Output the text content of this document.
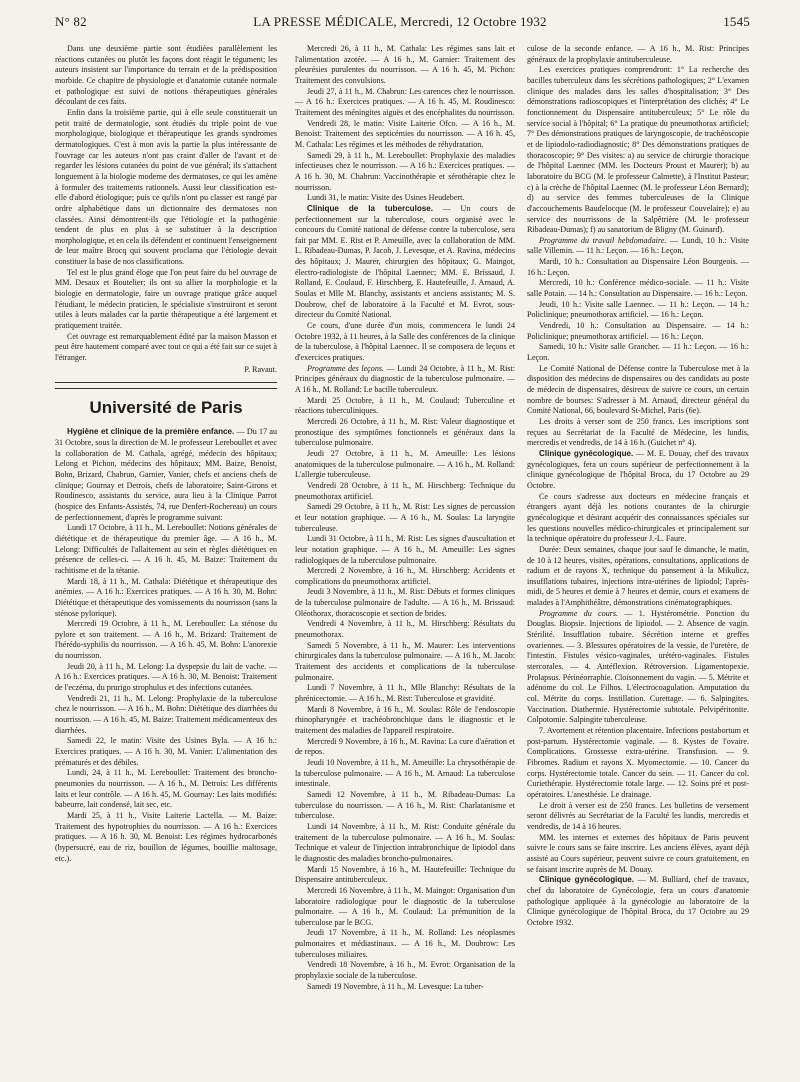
N° 82	LA PRESSE MÉDICALE, Mercredi, 12 Octobre 1932	1545

Dans une deuxième partie sont étudiées parallèlement les réactions cutanées ou plutôt les façons dont réagit le tégument; les auteurs insistent sur l'importance du terrain et de la prédisposition morbide. Ce chapitre de physiologie et d'anatomie cutanée normale et pathologique est suivi de notions thérapeutiques générales découlant de ces faits.

Enfin dans la troisième partie, qui à elle seule constituerait un petit traité de dermatologie, sont étudiés du triple point de vue morphologique, biologique et thérapeutique les grands syndromes dermatologiques. C'est à mon avis la partie la plus intéressante de l'ouvrage car les auteurs n'ont pas craint d'aller de l'avant et de regarder les lésions cutanées du point de vue général; ils s'attachent longuement à la biologie moderne des dermatoses, ce qui les amène à formuler des traitements rationnels. Aussi leur classification est-elle d'abord étiologique; puis ce qu'ils n'ont pu classer est rangé par ordre alphabétique dans un dictionnaire des dermatoses non classées. Ainsi démontrent-ils que l'étiologie et la pathogénie tendent de plus en plus à se substituer à la description morphologique, et en cela ils défendent et continuent l'enseignement de leur maître Brocq qui souvent proclama que l'étiologie devait constituer la base de nos classifications.

Tel est le plus grand éloge que l'on peut faire du bel ouvrage de MM. Desaux et Boutelier; ils ont su allier la morphologie et la biologie en dermatologie, faire un ouvrage pratique grâce auquel l'étudiant, le médecin praticien, le spécialiste s'instruiront et seront utiles à leurs malades car la partie thérapeutique a été largement et pratiquement traitée.

Cet ouvrage est remarquablement édité par la maison Masson et peut être hautement comparé avec tout ce qui a été fait sur ce sujet à l'étranger.

P. Ravaut.

Université de Paris

Hygiène et clinique de la première enfance. — Du 17 au 31 Octobre, sous la direction de M. le professeur Lereboullet et avec la collaboration de M. Cathala, agrégé, médecin des hôpitaux; Lelong et Pichon, médecins des hôpitaux; MM. Baize, Benoist, Bohn, Brizard, Chabrun, Garnier, Vanier, chefs et anciens chefs de clinique; Gournay et Detrois, chefs de laboratoire; Saint-Girons et Roudinesco, assistants du service, aura lieu à la Clinique Parrot (hospice des Enfants-Assistés, 74, rue Denfert-Rochereau) un cours de perfectionnement, d'après le programme suivant:

Lundi 17 Octobre, à 11 h., M. Lereboullet: Notions générales de diététique et de thérapeutique du premier âge. — A 16 h., M. Lelong: Difficultés de l'allaitement au sein et règles diététiques en présence de celles-ci. — A 16 h. 45, M. Baize: Traitement du rachitisme et de la tétanie.

Mardi 18, à 11 h., M. Cathala: Diététique et thérapeutique des anémies. — A 16 h.: Exercices pratiques. — A 16 h. 30, M. Bohn: Diététique et thérapeutique des vomissements du nourrisson (sans la sténose pylorique).

Mercredi 19 Octobre, à 11 h., M. Lereboullet: La sténose du pylore et son traitement. — A 16 h., M. Brizard: Traitement de l'hérédo-syphilis du nourrisson. — A 16 h. 45, M. Bohn: L'anorexie du nourrisson.

Jeudi 20, à 11 h., M. Lelong: La dyspepsie du lait de vache. — A 16 h.: Exercices pratiques. — A 16 h. 30, M. Benoist: Traitement de l'eczéma, du prurigo strophulus et des infections cutanées.

Vendredi 21, 11 h., M. Lelong: Prophylaxie de la tuberculose chez le nourrisson. — A 16 h., M. Bohn: Diététique des diarrhées du nourrisson. — A 16 h. 45, M. Baize: Traitement médicamenteux des diarrhées.

Samedi 22, le matin: Visite des Usines Byla. — A 16 h.: Exercices pratiques. — A 16 h. 30, M. Vanier: L'alimentation des prématurés et des débiles.

Lundi, 24, à 11 h., M. Lereboullet: Traitement des broncho-pneumonies du nourrisson. — A 16 h., M. Detrois: Les différents laits et leur contrôle. — A 16 h. 45, M. Gournay: Les laits modifiés: babeurre, lait condensé, lait sec, etc.

Mardi 25, à 11 h., Visite Laiterie Lactella. — M. Baize: Traitement des hypotrophies du nourrisson. — A 16 h.: Exercices pratiques. — A 16 h. 30, M. Benoist: Les régimes hydrocarbonés (hypersucré, eau de riz, bouillon de légumes, bouillie maltosage, etc.).

Mercredi 26, à 11 h., M. Cathala: Les régimes sans lait et l'alimentation azotée. — A 16 h., M. Garnier: Traitement des pleurésies purulentes du nourrisson. — A 16 h. 45, M. Pichon: Traitement des convulsions.

Jeudi 27, à 11 h., M. Chabrun: Les carences chez le nourrisson. — A 16 h.: Exercices pratiques. — A 16 h. 45, M. Roudinesco: Traitement des méningites aiguës et des encéphalites du nourrisson.

Vendredi 28, le matin: Visite Laiterie Ofco. — A 16 h., M. Benoist: Traitement des septicémies du nourrisson. — A 16 h. 45, M. Cathala: Les régimes et les méthodes de réhydratation.

Samedi 29, à 11 h., M. Lereboullet: Prophylaxie des maladies infectieuses chez le nourrisson. — A 16 h.: Exercices pratiques. — A 16 h. 30, M. Chabrun: Vaccinothérapie et sérothérapie chez le nourrisson.

Lundi 31, le matin: Visite des Usines Heudebert.

Clinique de la tuberculose. — Un cours de perfectionnement sur la tuberculose, cours organisé avec le concours du Comité national de défense contre la tuberculose, sera fait par MM. E. Rist et P. Ameuille, avec la collaboration de MM. L. Ribadeau-Dumas, P. Jacob, J. Levesque, et A. Ravina, médecins des hôpitaux; J. Maurer, chirurgien des hôpitaux; G. Maingot, électro-radiologiste de l'hôpital Laennec; MM. E. Brissaud, J. Rolland, E. Coulaud, F. Hirschberg, E. Hautefeuille, J. Arnaud, A. Soulas et Mlle M. Blanchy, assistants et anciens assistants; M. S. Doubrow, chef de laboratoire à la Faculté et M. Evrot, sous-directeur du Comité National.

Ce cours, d'une durée d'un mois, commencera le lundi 24 Octobre 1932, à 11 heures, à la Salle des conférences de la clinique de la tuberculose, à l'hôpital Laennec. Il se composera de leçons et d'exercices pratiques.

Programme des leçons. — Lundi 24 Octobre, à 11 h., M. Rist: Principes généraux du diagnostic de la tuberculose pulmonaire. — A 16 h., M. Rolland: Le bacille tuberculeux.

Mardi 25 Octobre, à 11 h., M. Coulaud: Tuberculine et réactions tuberculiniques.

Mercredi 26 Octobre, à 11 h., M. Rist: Valeur diagnostique et pronostique des symptômes fonctionnels et généraux dans la tuberculose pulmonaire.

Jeudi 27 Octobre, à 11 h., M. Ameuille: Les lésions anatomiques de la tuberculose pulmonaire. — A 16 h., M. Rolland: L'allergie tuberculeuse.

Vendredi 28 Octobre, à 11 h., M. Hirschberg: Technique du pneumothorax artificiel.

Samedi 29 Octobre, à 11 h., M. Rist: Les signes de percussion et leur notation graphique. — A 16 h., M. Soulas: La laryngite tuberculeuse.

Lundi 31 Octobre, à 11 h., M. Rist: Les signes d'auscultation et leur notation graphique. — A 16 h., M. Ameuille: Les signes radiologiques de la tuberculose pulmonaire.

Mercredi 2 Novembre, à 16 h., M. Hirschberg: Accidents et complications du pneumothorax artificiel.

Jeudi 3 Novembre, à 11 h., M. Rist: Débuts et formes cliniques de la tuberculose pulmonaire de l'adulte. — A 16 h., M. Brissaud: Oléothorax, thoracoscopie et section de brides.

Vendredi 4 Novembre, à 11 h., M. Hirschberg: Résultats du pneumothorax.

Samedi 5 Novembre, à 11 h., M. Maurer: Les interventions chirurgicales dans la tuberculose pulmonaire. — A 16 h., M. Jacob: Traitement des accidents et complications de la tuberculose pulmonaire.

Lundi 7 Novembre, à 11 h., Mlle Blanchy: Résultats de la phrénicectomie. — A 16 h., M. Rist: Tuberculose et gravidité.

Mardi 8 Novembre, à 16 h., M. Soulas: Rôle de l'endoscopie rhinopharyngée et trachéobronchique dans le diagnostic et le traitement des maladies de l'appareil respiratoire.

Mercredi 9 Novembre, à 16 h., M. Ravina: La cure d'aération et de repos.

Jeudi 10 Novembre, à 11 h., M. Ameuille: La chrysothérapie de la tuberculose pulmonaire. — A 16 h., M. Arnaud: La tuberculose intestinale.

Samedi 12 Novembre, à 11 h., M. Ribadeau-Dumas: La tuberculose du nourrisson. — A 16 h., M. Rist: Charlatanisme et tuberculose.

Lundi 14 Novembre, à 11 h., M. Rist: Conduite générale du traitement de la tuberculose pulmonaire. — A 16 h., M. Soulas: Technique et valeur de l'injection intrabronchique de lipiodol dans le diagnostic des maladies broncho-pulmonaires.

Mardi 15 Novembre, à 16 h., M. Hautefeuille: Technique du Dispensaire antituberculeux.

Mercredi 16 Novembre, à 11 h., M. Maingot: Organisation d'un laboratoire radiologique pour le diagnostic de la tuberculose pulmonaire. — A 16 h., M. Coulaud: La prémunition de la tuberculose par le BCG.

Jeudi 17 Novembre, à 11 h., M. Rolland: Les néoplasmes pulmonaires et médiastinaux. — A 16 h., M. Doubrow: Les tuberculoses miliaires.

Vendredi 18 Novembre, à 16 h., M. Evrot: Organisation de la prophylaxie sociale de la tuberculose.

Samedi 19 Novembre, à 11 h., M. Levesque: La tuber-

culose de la seconde enfance. — A 16 h., M. Rist: Principes généraux de la prophylaxie antituberculeuse.

Les exercices pratiques comprendront: 1° La recherche des bacilles tuberculeux dans les sécrétions pathologiques; 2° L'examen clinique des malades dans les salles d'hospitalisation; 3° Des démonstrations radioscopiques et l'interprétation des clichés; 4° Le fonctionnement du Dispensaire antituberculeux; 5° Le rôle du service social à l'hôpital; 6° La pratique du pneumothorax artificiel; 7° Des démonstrations pratiques de laryngoscopie, de trachéoscopie et de lipiodolo-radiodiagnostic; 8° Des démonstrations pratiques de thoracoscopie; 9° Des visites: a) au service de chirurgie thoracique de l'hôpital Laennec (MM. les Docteurs Proust et Maurer); b) au laboratoire du BCG (M. le professeur Calmette), à l'Institut Pasteur; c) à la crèche de l'hôpital Laennec (M. le professeur Léon Bernard); d) au service des femmes tuberculeuses de la Clinique d'accouchements Baudelocque (M. le professeur Couvelaire); e) au service des nourrissons de la Salpêtrière (M. le professeur Ribadeau-Dumas); f) au sanatorium de Bligny (M. Guinard).

Programme du travail hebdomadaire. — Lundi, 10 h.: Visite salle Villemin. — 11 h.: Leçon. — 16 h.: Leçon.

Mardi, 10 h.: Consultation au Dispensaire Léon Bourgeois. — 16 h.: Leçon.

Mercredi, 10 h.: Conférence médico-sociale. — 11 h.: Visite salle Potain. — 14 h.: Consultation au Dispensaire. — 16 h.: Leçon.

Jeudi, 10 h.: Visite salle Laennec. — 11 h.: Leçon. — 14 h.: Policlinique; pneumothorax artificiel. — 16 h.: Leçon.

Vendredi, 10 h.: Consultation au Dispensaire. — 14 h.: Policlinique; pneumothorax artificiel. — 16 h.: Leçon.

Samedi, 10 h.: Visite salle Grancher. — 11 h.: Leçon. — 16 h.: Leçon.

Le Comité National de Défense contre la Tuberculose met à la disposition des médecins de dispensaires ou des candidats au poste de médecin de dispensaires, désireux de suivre ce cours, un certain nombre de bourses: S'adresser à M. Arnaud, directeur général du Comité National, 66, boulevard St-Michel, Paris (6e).

Les droits à verser sont de 250 francs. Les inscriptions sont reçues au Secrétariat de la Faculté de Médecine, les lundis, mercredis et vendredis, de 14 à 16 h. (Guichet n° 4).

Clinique gynécologique. — M. E. Douay, chef des travaux gynécologiques, fera un cours supérieur de perfectionnement à la clinique gynécologique de l'hôpital Broca, du 17 Octobre au 29 Octobre.

Ce cours s'adresse aux docteurs en médecine français et étrangers ayant déjà les notions courantes de la chirurgie gynécologique et désirant acquérir des connaissances spéciales sur les questions nouvelles médico-chirurgicales et principalement sur la technique opératoire du professeur J.-L. Faure.

Durée: Deux semaines, chaque jour sauf le dimanche, le matin, de 10 à 12 heures, visites, opérations, consultations, applications de radium et de rayons X, technique du pansement à la Mikulicz, insufflations tubaires, injections intra-utérines de lipiodol; l'après-midi, de 5 heures et demie à 7 heures et demie, cours et examens de malades à l'Amphithéâtre, démonstrations cinématographiques.

Programme du cours. — 1. Hystérométrie. Ponction du Douglas. Biopsie. Injections de lipiodol. — 2. Absence de vagin. Stérilité. Insufflation tubaire. Sécrétion interne et greffes ovariennes. — 3. Blessures opératoires de la vessie, de l'uretère, de l'intestin. Fistules vésico-vaginales, urétéro-vaginales. Fistules stercorales. — 4. Antéflexion. Rétroversion. Ligamentopexie. Prolapsus. Périnéorraphie. Cloisonnement du vagin. — 5. Métrite et adénome du col. Le Filhos. L'électrocoagulation. Amputation du col. Métrite du corps. Instillation. Curettage. — 6. Salpingites. Vaccination. Diathermie. Hystérectomie subtotale. Pelvipéritonite. Colpotomie. Salpingite tuberculeuse.

7. Avortement et rétention placentaire. Infections postabortum et post-partum. Hystérectomie vaginale. — 8. Kystes de l'ovaire. Complications. Grossesse extra-utérine. Transfusion. — 9. Fibromes. Radium et rayons X. Myomectomie. — 10. Cancer du corps. Hystérectomie totale. Cancer du sein. — 11. Cancer du col. Curiethérapie. Hystérectomie totale large. — 12. Soins pré et post-opératoires. L'anesthésie. Le drainage.

Le droit à verser est de 250 francs. Les bulletins de versement seront délivrés au Secrétariat de la Faculté les lundis, mercredis et vendredis, de 14 à 16 heures.

MM. les internes et externes des hôpitaux de Paris peuvent suivre le cours sans se faire inscrire. Les anciens élèves, ayant déjà assisté au Cours supérieur, peuvent suivre ce cours gratuitement, en se faisant inscrire auprès de M. Douay.

Clinique gynécologique. — M. Bulliard, chef de travaux, chef du laboratoire de Gynécologie, fera un cours d'anatomie pathologique appliquée à la gynécologie au laboratoire de la Clinique gynécologique de l'hôpital Broca, du 17 Octobre au 29 Octobre 1932.
